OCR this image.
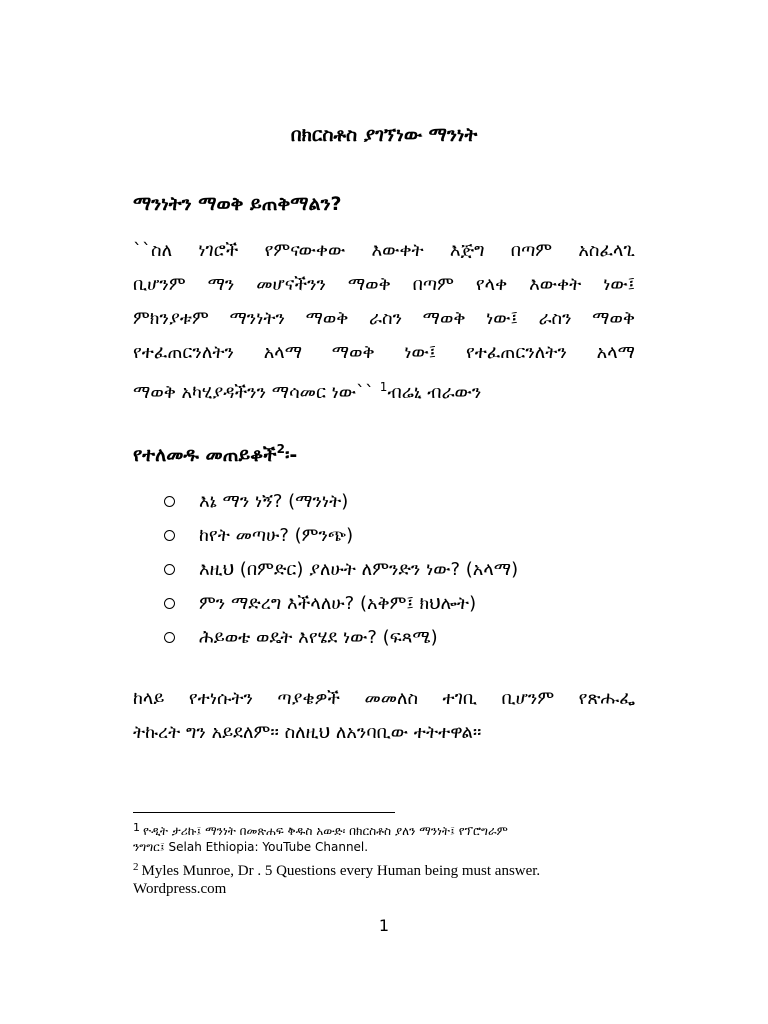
በክርስቶስ ያገኘነው ማንነት
ማንነትን ማወቅ ይጠቅማልን?
``ስለ ነገሮች የምናውቀው እውቀት እጅግ በጣም አስፈላጊ
ቢሆንም ማን መሆናችንን ማወቅ በጣም የላቀ እውቀት ነው፤
ምክንያቱም ማንነትን ማወቅ ራስን ማወቅ ነው፤ ራስን ማወቅ
የተፈጠርንለትን አላማ ማወቅ ነው፤ የተፈጠርንለትን አላማ
ማወቅ አካሂያዳችንን ማሳመር ነው`` $^1$ብሬኒ ብራውን
የተለመዱ መጠይቆች$^2$፡-
እኔ ማን ነኝ? (ማንነት)
ከየት መጣሁ? (ምንጭ)
እዚህ (በምድር) ያለሁት ለምንድን ነው? (አላማ)
ምን ማድረግ እችላለሁ? (አቅም፤ ክህሎት)
ሕይወቴ ወዴት እየሄደ ነው? (ፍጻሜ)
ከላይ የተነሱትን ጣያቄዎች መመለስ ተገቢ ቢሆንም የጽሑፌ
ትኩረት ግን አይደለም፡፡ ስለዚህ ለአንባቢው ተትተዋል፡፡

$^1$ ዮዲት ታሪኩ፤ ማንነት በመጽሐፍ ቅዱስ አውድ፡ በክርስቶስ ያለን ማንነት፤ የፕሮግራም
ንግግር፤ Selah Ethiopia: YouTube Channel.

$^2$ Myles Munroe, Dr . 5 Questions every Human being must answer.
Wordpress.com

1
